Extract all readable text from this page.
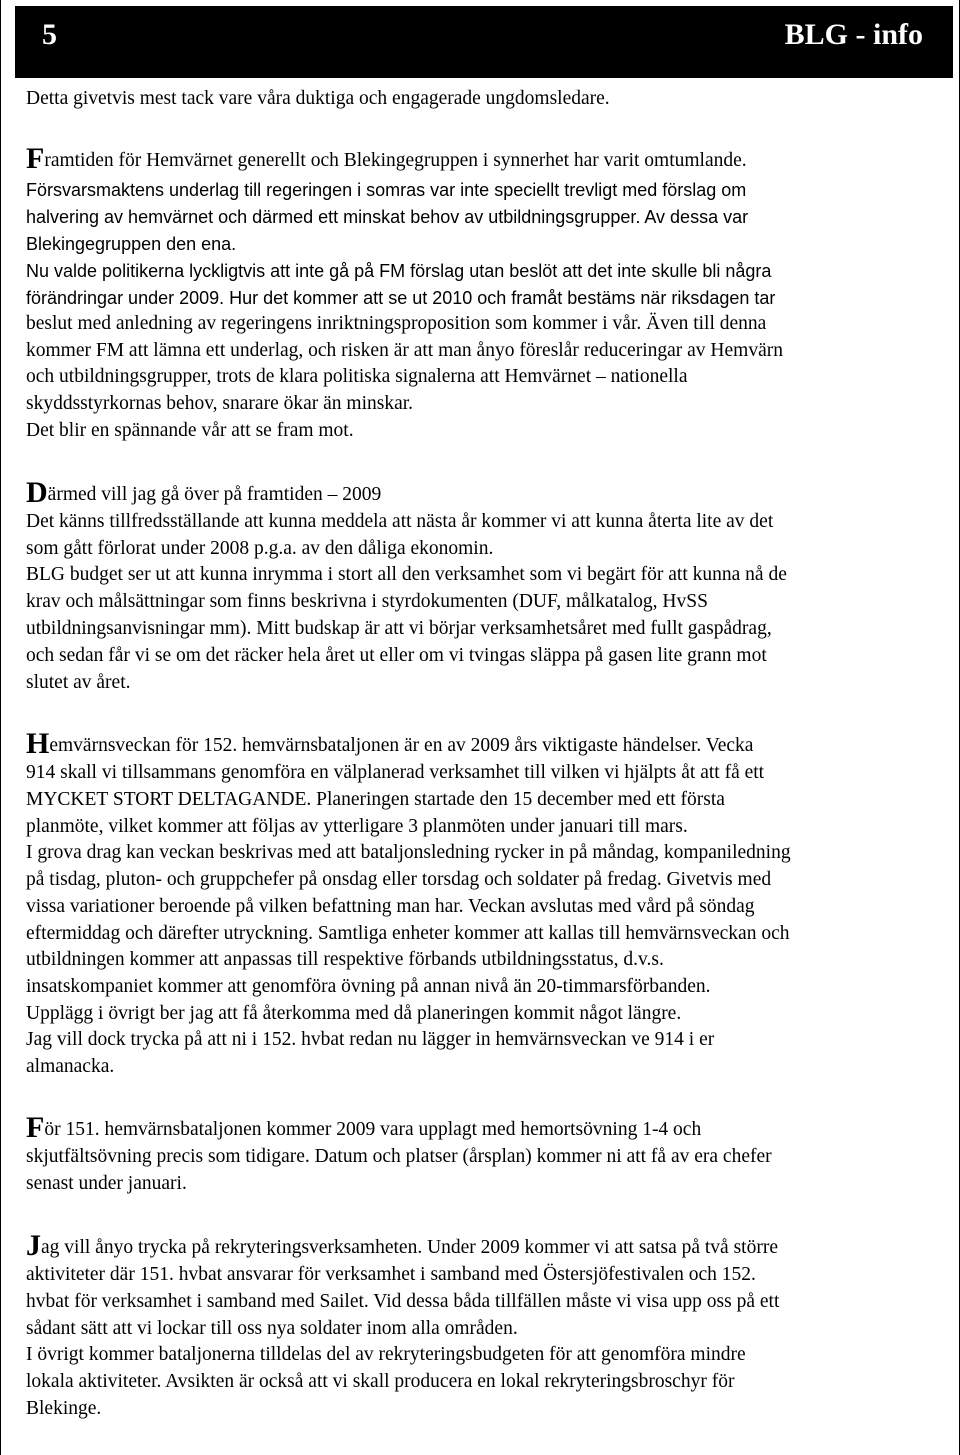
5	BLG - info
Detta givetvis mest tack vare våra duktiga och engagerade ungdomsledare.
Framtiden för Hemvärnet generellt och Blekingegruppen i synnerhet har varit omtumlande.
Försvarsmaktens underlag till regeringen i somras var inte speciellt trevligt med förslag om
halvering av hemvärnet och därmed ett minskat behov av utbildningsgrupper. Av dessa var
Blekingegruppen den ena.
Nu valde politikerna lyckligtvis att inte gå på FM förslag utan beslöt att det inte skulle bli några
förändringar under 2009. Hur det kommer att se ut 2010 och framåt bestäms när riksdagen tar
beslut med anledning av regeringens inriktningsproposition som kommer i vår. Även till denna
kommer FM att lämna ett underlag, och risken är att man ånyo föreslår reduceringar av Hemvärn
och utbildningsgrupper, trots de klara politiska signalerna att Hemvärnet – nationella
skyddsstyrkornas behov, snarare ökar än minskar.
Det blir en spännande vår att se fram mot.
Därmed vill jag gå över på framtiden – 2009
Det känns tillfredsställande att kunna meddela att nästa år kommer vi att kunna återta lite av det
som gått förlorat under 2008 p.g.a. av den dåliga ekonomin.
BLG budget ser ut att kunna inrymma i stort all den verksamhet som vi begärt för att kunna nå de
krav och målsättningar som finns beskrivna i styrdokumenten (DUF, målkatalog, HvSS
utbildningsanvisningar mm). Mitt budskap är att vi börjar verksamhetsåret med fullt gaspådrag,
och sedan får vi se om det räcker hela året ut eller om vi tvingas släppa på gasen lite grann mot
slutet av året.
Hemvärnsveckan för 152. hemvärnsbataljonen är en av 2009 års viktigaste händelser. Vecka
914 skall vi tillsammans genomföra en välplanerad verksamhet till vilken vi hjälpts åt att få ett
MYCKET STORT DELTAGANDE. Planeringen startade den 15 december med ett första
planmöte, vilket kommer att följas av ytterligare 3 planmöten under januari till mars.
I grova drag kan veckan beskrivas med att bataljonsledning rycker in på måndag, kompaniledning
på tisdag, pluton- och gruppchefer på onsdag eller torsdag och soldater på fredag. Givetvis med
vissa variationer beroende på vilken befattning man har. Veckan avslutas med vård på söndag
eftermiddag och därefter utryckning. Samtliga enheter kommer att kallas till hemvärnsveckan och
utbildningen kommer att anpassas till respektive förbands utbildningsstatus, d.v.s.
insatskompaniet kommer att genomföra övning på annan nivå än 20-timmarsförbanden.
Upplägg i övrigt ber jag att få återkomma med då planeringen kommit något längre.
Jag vill dock trycka på att ni i 152. hvbat redan nu lägger in hemvärnsveckan ve 914 i er
almanacka.
För 151. hemvärnsbataljonen kommer 2009 vara upplagt med hemortsövning 1-4 och
skjutfältsövning precis som tidigare. Datum och platser (årsplan) kommer ni att få av era chefer
senast under januari.
Jag vill ånyo trycka på rekryteringsverksamheten. Under 2009 kommer vi att satsa på två större
aktiviteter där 151. hvbat ansvarar för verksamhet i samband med Östersjöfestivalen och 152.
hvbat för verksamhet i samband med Sailet. Vid dessa båda tillfällen måste vi visa upp oss på ett
sådant sätt att vi lockar till oss nya soldater inom alla områden.
I övrigt kommer bataljonerna tilldelas del av rekryteringsbudgeten för att genomföra mindre
lokala aktiviteter. Avsikten är också att vi skall producera en lokal rekryteringsbroschyr för
Blekinge.
